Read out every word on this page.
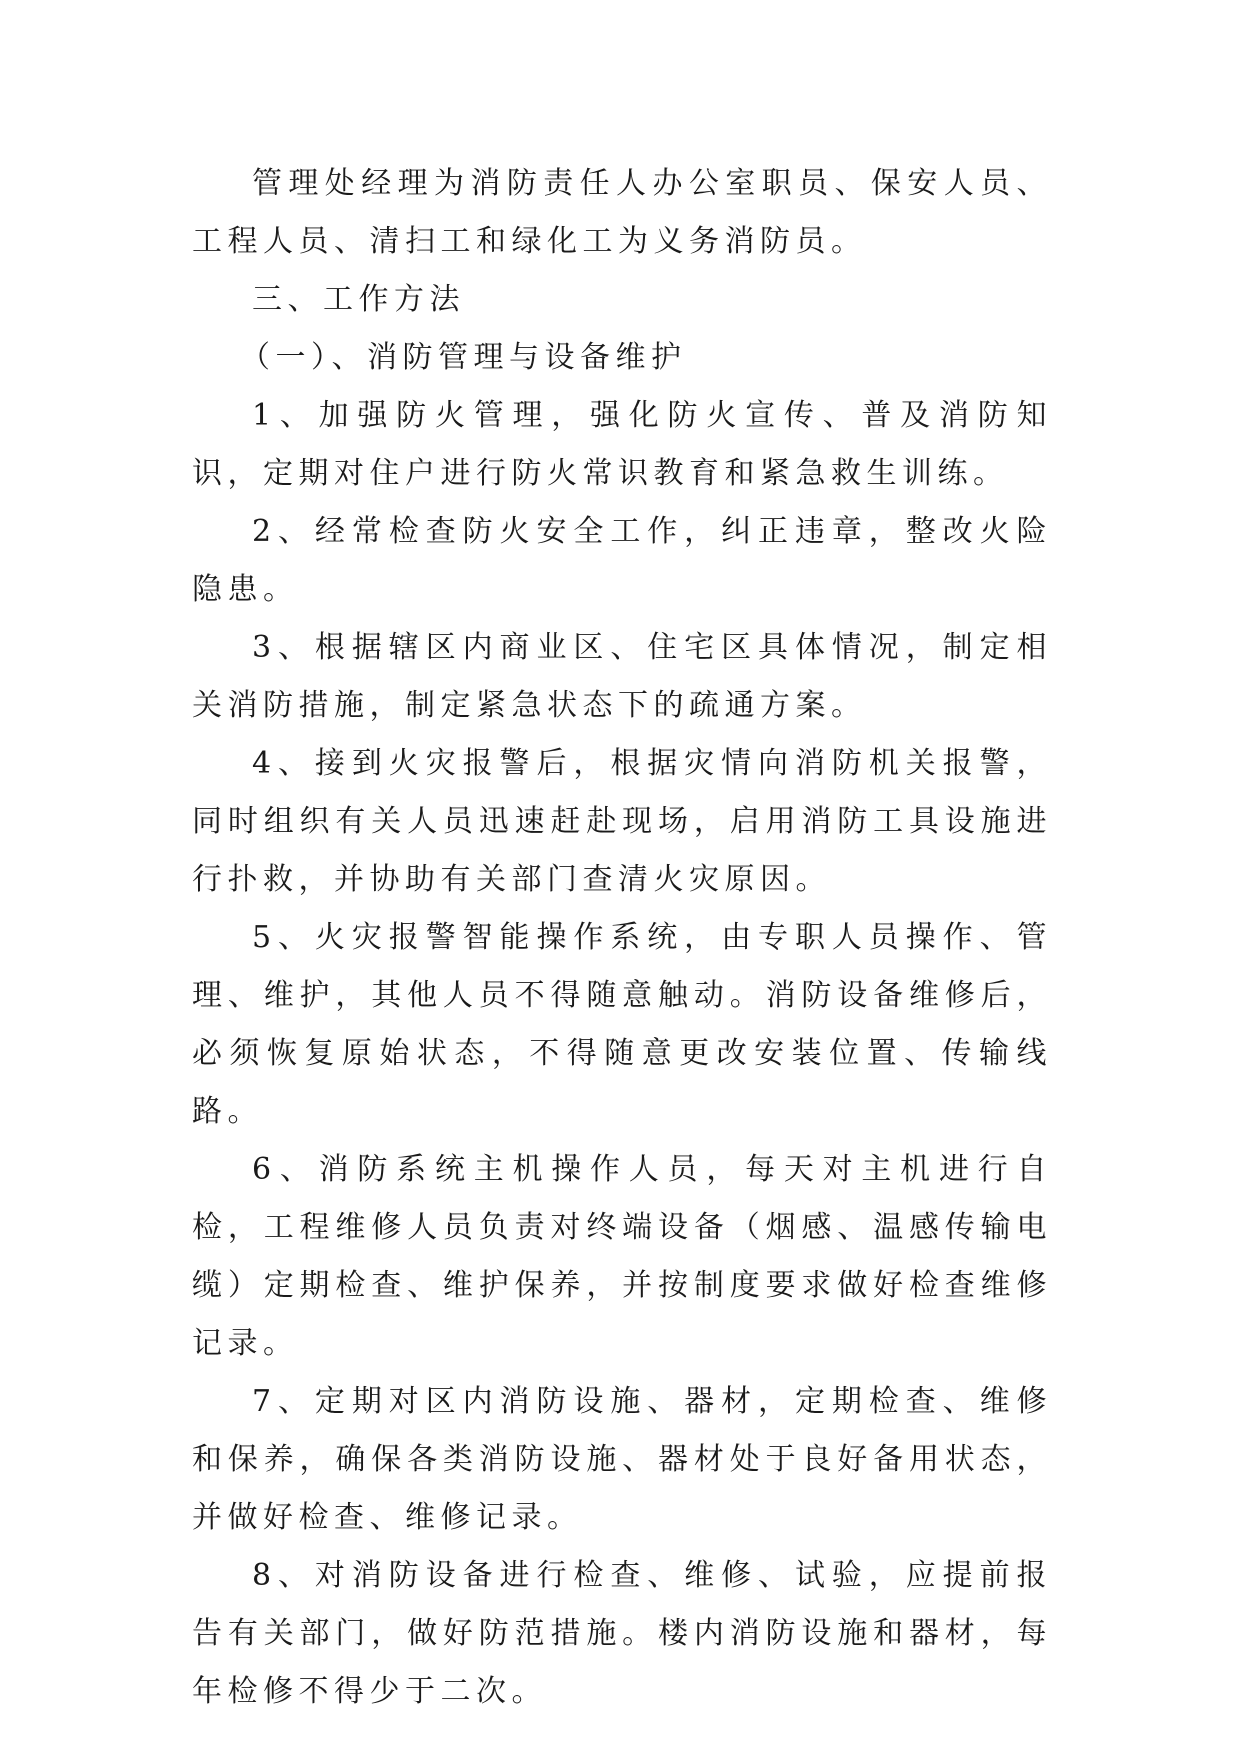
管理处经理为消防责任人办公室职员、保安人员、工程人员、清扫工和绿化工为义务消防员。

三、工作方法

（一）、消防管理与设备维护

1、加强防火管理，强化防火宣传、普及消防知识，定期对住户进行防火常识教育和紧急救生训练。

2、经常检查防火安全工作，纠正违章，整改火险隐患。

3、根据辖区内商业区、住宅区具体情况，制定相关消防措施，制定紧急状态下的疏通方案。

4、接到火灾报警后，根据灾情向消防机关报警，同时组织有关人员迅速赶赴现场，启用消防工具设施进行扑救，并协助有关部门查清火灾原因。

5、火灾报警智能操作系统，由专职人员操作、管理、维护，其他人员不得随意触动。消防设备维修后，必须恢复原始状态，不得随意更改安装位置、传输线路。

6、消防系统主机操作人员，每天对主机进行自检，工程维修人员负责对终端设备（烟感、温感传输电缆）定期检查、维护保养，并按制度要求做好检查维修记录。

7、定期对区内消防设施、器材，定期检查、维修和保养，确保各类消防设施、器材处于良好备用状态，并做好检查、维修记录。

8、对消防设备进行检查、维修、试验，应提前报告有关部门，做好防范措施。楼内消防设施和器材，每年检修不得少于二次。
